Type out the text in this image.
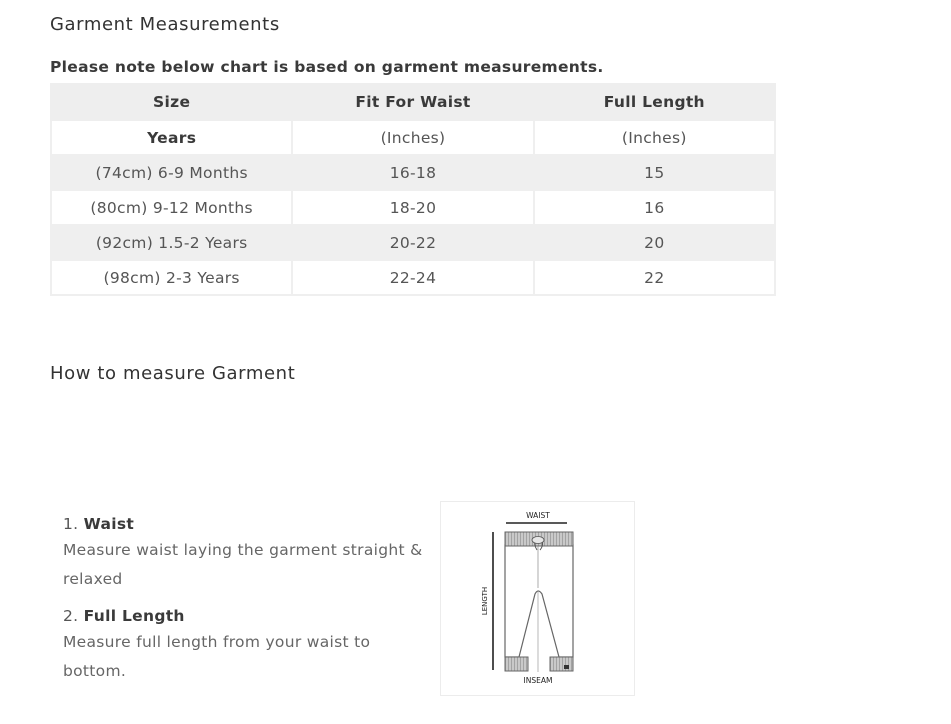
Garment Measurements

Please note below chart is based on garment measurements.

Size	Fit For Waist	Full Length
Years	(Inches)	(Inches)
(74cm) 6-9 Months	16-18	15
(80cm) 9-12 Months	18-20	16
(92cm) 1.5-2 Years	20-22	20
(98cm) 2-3 Years	22-24	22
How to measure Garment
1. Waist
Measure waist laying the garment straight & relaxed
2. Full Length
Measure full length from your waist to bottom.
WAIST
LENGTH
INSEAM
